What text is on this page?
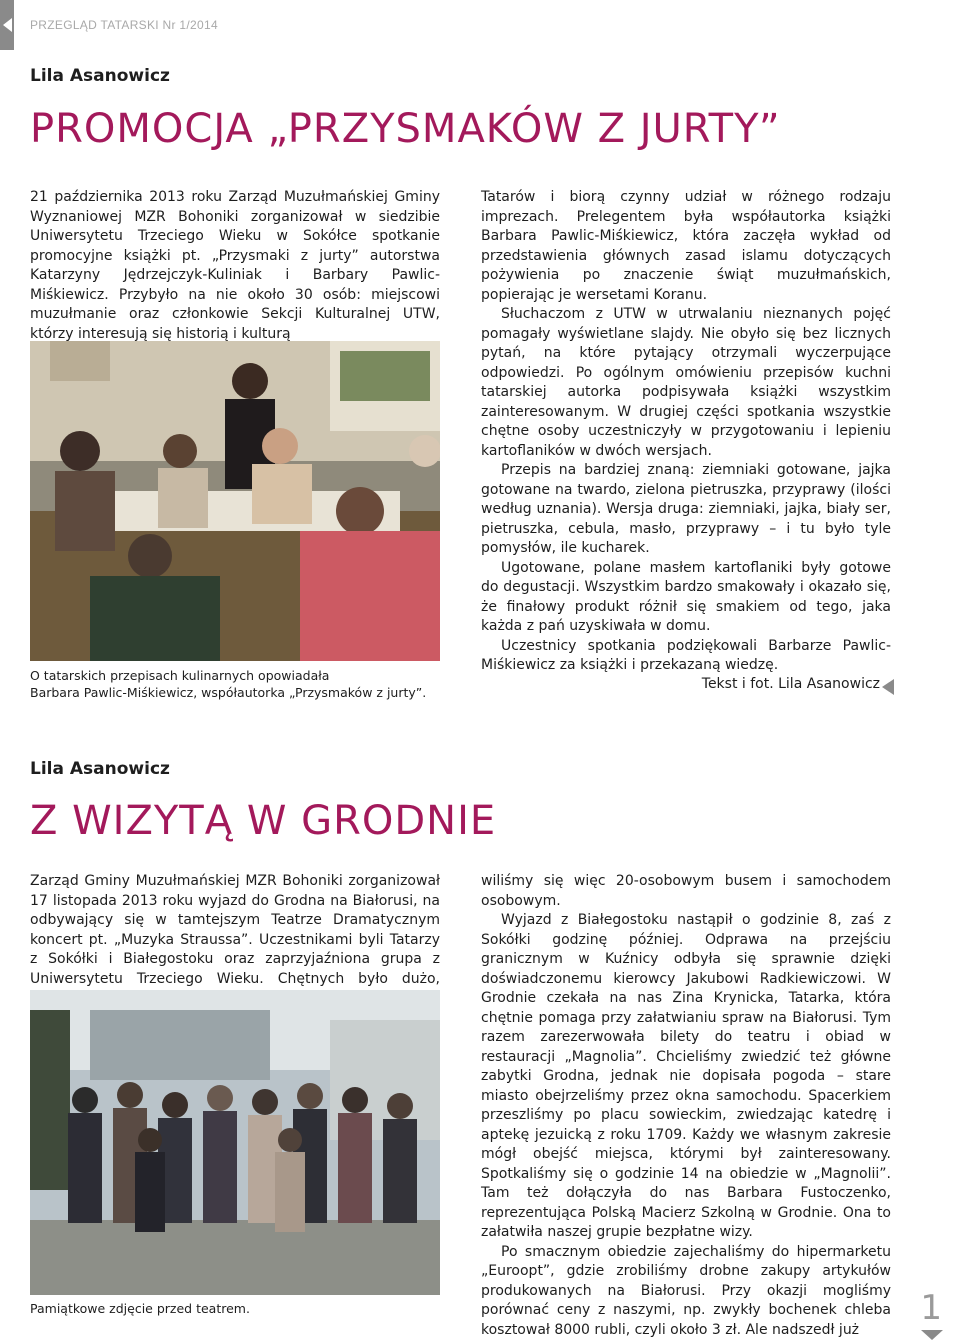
PRZEGLĄD TATARSKI Nr 1/2014
Lila Asanowicz
PROMOCJA „PRZYSMAKÓW Z JURTY”

21 października 2013 roku Zarząd Muzułmańskiej Gminy Wyznaniowej MZR Bohoniki zorganizował w siedzibie Uniwersytetu Trzeciego Wieku w Sokółce spotkanie promocyjne książki pt. „Przysmaki z jurty” autorstwa Katarzyny Jędrzejczyk-Kuliniak i Barbary Pawlic-Miśkiewicz. Przybyło na nie około 30 osób: miejscowi muzułmanie oraz członkowie Sekcji Kulturalnej UTW, którzy interesują się historią i kulturą

O tatarskich przepisach kulinarnych opowiadała
Barbara Pawlic-Miśkiewicz, współautorka „Przysmaków z jurty”.

Tatarów i biorą czynny udział w różnego rodzaju imprezach. Prelegentem była współautorka książki Barbara Pawlic-Miśkiewicz, która zaczęła wykład od przedstawienia głównych zasad islamu dotyczących pożywienia po znaczenie świąt muzułmańskich, popierając je wersetami Koranu.

Słuchaczom z UTW w utrwalaniu nieznanych pojęć pomagały wyświetlane slajdy. Nie obyło się bez licznych pytań, na które pytający otrzymali wyczerpujące odpowiedzi. Po ogólnym omówieniu przepisów kuchni tatarskiej autorka podpisywała książki wszystkim zainteresowanym. W drugiej części spotkania wszystkie chętne osoby uczestniczyły w przygotowaniu i lepieniu kartoflaników w dwóch wersjach.

Przepis na bardziej znaną: ziemniaki gotowane, jajka gotowane na twardo, zielona pietruszka, przyprawy (ilości według uznania). Wersja druga: ziemniaki, jajka, biały ser, pietruszka, cebula, masło, przyprawy – i tu było tyle pomysłów, ile kucharek.

Ugotowane, polane masłem kartoflaniki były gotowe do degustacji. Wszystkim bardzo smakowały i okazało się, że finałowy produkt różnił się smakiem od tego, jaka każda z pań uzyskiwała w domu.

Uczestnicy spotkania podziękowali Barbarze Pawlic-Miśkiewicz za książki i przekazaną wiedzę.

Tekst i fot. Lila Asanowicz
Lila Asanowicz
Z WIZYTĄ W GRODNIE

Zarząd Gminy Muzułmańskiej MZR Bohoniki zorganizował 17 listopada 2013 roku wyjazd do Grodna na Białorusi, na odbywający się w tamtejszym Teatrze Dramatycznym koncert pt. „Muzyka Straussa”. Uczestnikami byli Tatarzy z Sokółki i Białegostoku oraz zaprzyjaźniona grupa z Uniwersytetu Trzeciego Wieku. Chętnych było dużo,

Pamiątkowe zdjęcie przed teatrem.

wiliśmy się więc 20-osobowym busem i samochodem osobowym.

Wyjazd z Białegostoku nastąpił o godzinie 8, zaś z Sokółki godzinę później. Odprawa na przejściu granicznym w Kuźnicy odbyła się sprawnie dzięki doświadczonemu kierowcy Jakubowi Radkiewiczowi. W Grodnie czekała na nas Zina Krynicka, Tatarka, która chętnie pomaga przy załatwianiu spraw na Białorusi. Tym razem zarezerwowała bilety do teatru i obiad w restauracji „Magnolia”. Chcieliśmy zwiedzić też główne zabytki Grodna, jednak nie dopisała pogoda – stare miasto obejrzeliśmy przez okna samochodu. Spacerkiem przeszliśmy po placu sowieckim, zwiedzając katedrę i aptekę jezuicką z roku 1709. Każdy we własnym zakresie mógł obejść miejsca, którymi był zainteresowany. Spotkaliśmy się o godzinie 14 na obiedzie w „Magnolii”. Tam też dołączyła do nas Barbara Fustoczenko, reprezentująca Polską Macierz Szkolną w Grodnie. Ona to załatwiła naszej grupie bezpłatne wizy.

Po smacznym obiedzie zajechaliśmy do hipermarketu „Euroopt”, gdzie zrobiliśmy drobne zakupy artykułów produkowanych na Białorusi. Przy okazji mogliśmy porównać ceny z naszymi, np. zwykły bochenek chleba kosztował 8000 rubli, czyli około 3 zł. Ale nadszedł już

1
